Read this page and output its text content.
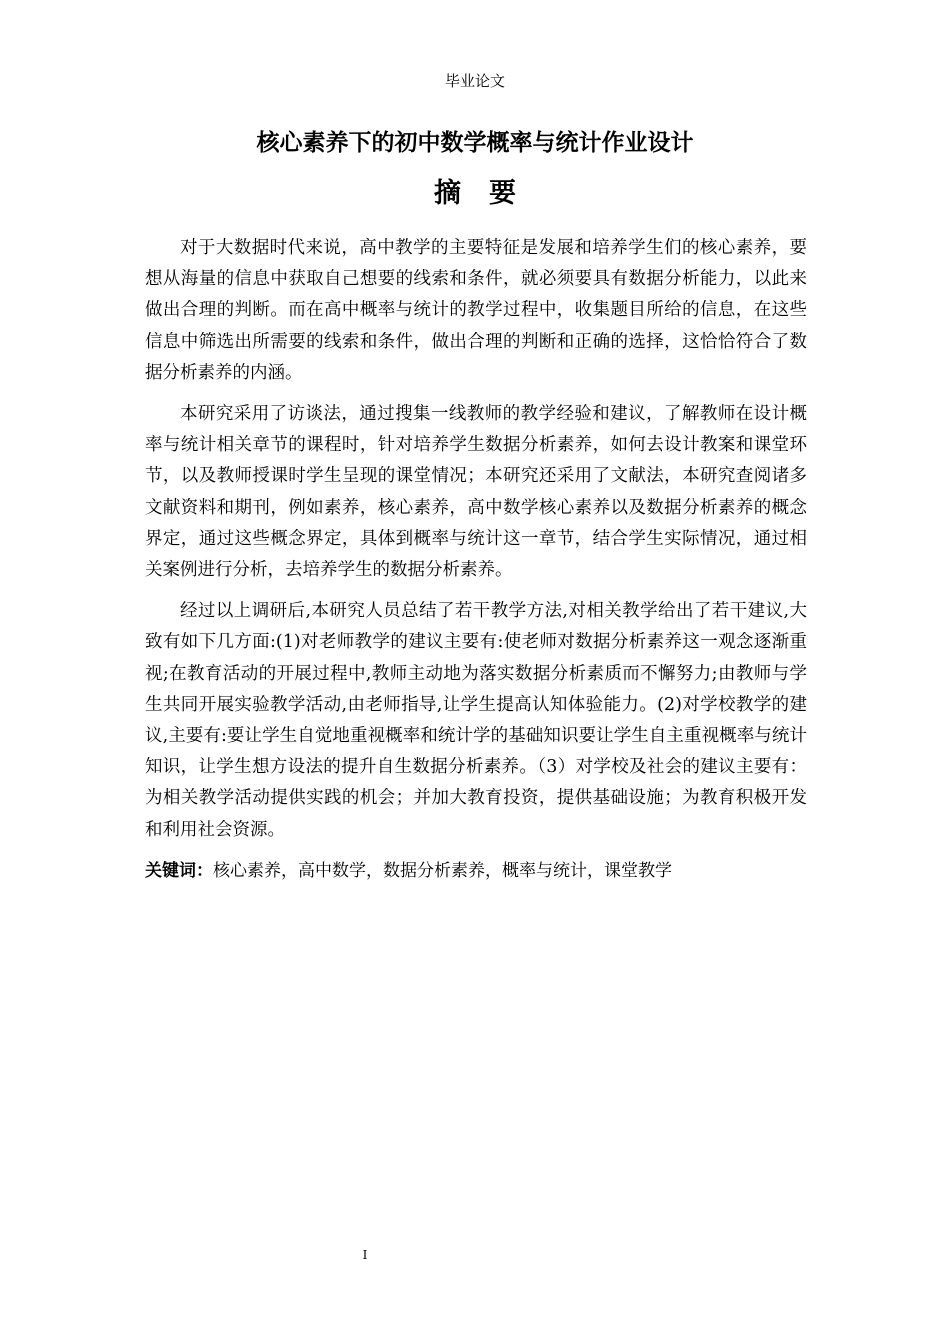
毕业论文
核心素养下的初中数学概率与统计作业设计
摘要

对于大数据时代来说，高中教学的主要特征是发展和培养学生们的核心素养，要想从海量的信息中获取自己想要的线索和条件，就必须要具有数据分析能力，以此来做出合理的判断。而在高中概率与统计的教学过程中，收集题目所给的信息，在这些信息中筛选出所需要的线索和条件，做出合理的判断和正确的选择，这恰恰符合了数据分析素养的内涵。

本研究采用了访谈法，通过搜集一线教师的教学经验和建议，了解教师在设计概率与统计相关章节的课程时，针对培养学生数据分析素养，如何去设计教案和课堂环节，以及教师授课时学生呈现的课堂情况；本研究还采用了文献法，本研究查阅诸多文献资料和期刊，例如素养，核心素养，高中数学核心素养以及数据分析素养的概念界定，通过这些概念界定，具体到概率与统计这一章节，结合学生实际情况，通过相关案例进行分析，去培养学生的数据分析素养。

经过以上调研后,本研究人员总结了若干教学方法,对相关教学给出了若干建议,大致有如下几方面:(1)对老师教学的建议主要有:使老师对数据分析素养这一观念逐渐重视;在教育活动的开展过程中,教师主动地为落实数据分析素质而不懈努力;由教师与学生共同开展实验教学活动,由老师指导,让学生提高认知体验能力。(2)对学校教学的建议,主要有:要让学生自觉地重视概率和统计学的基础知识要让学生自主重视概率与统计知识，让学生想方设法的提升自生数据分析素养。（3）对学校及社会的建议主要有：为相关教学活动提供实践的机会；并加大教育投资，提供基础设施；为教育积极开发和利用社会资源。

关键词：核心素养，高中数学，数据分析素养，概率与统计，课堂教学
I
